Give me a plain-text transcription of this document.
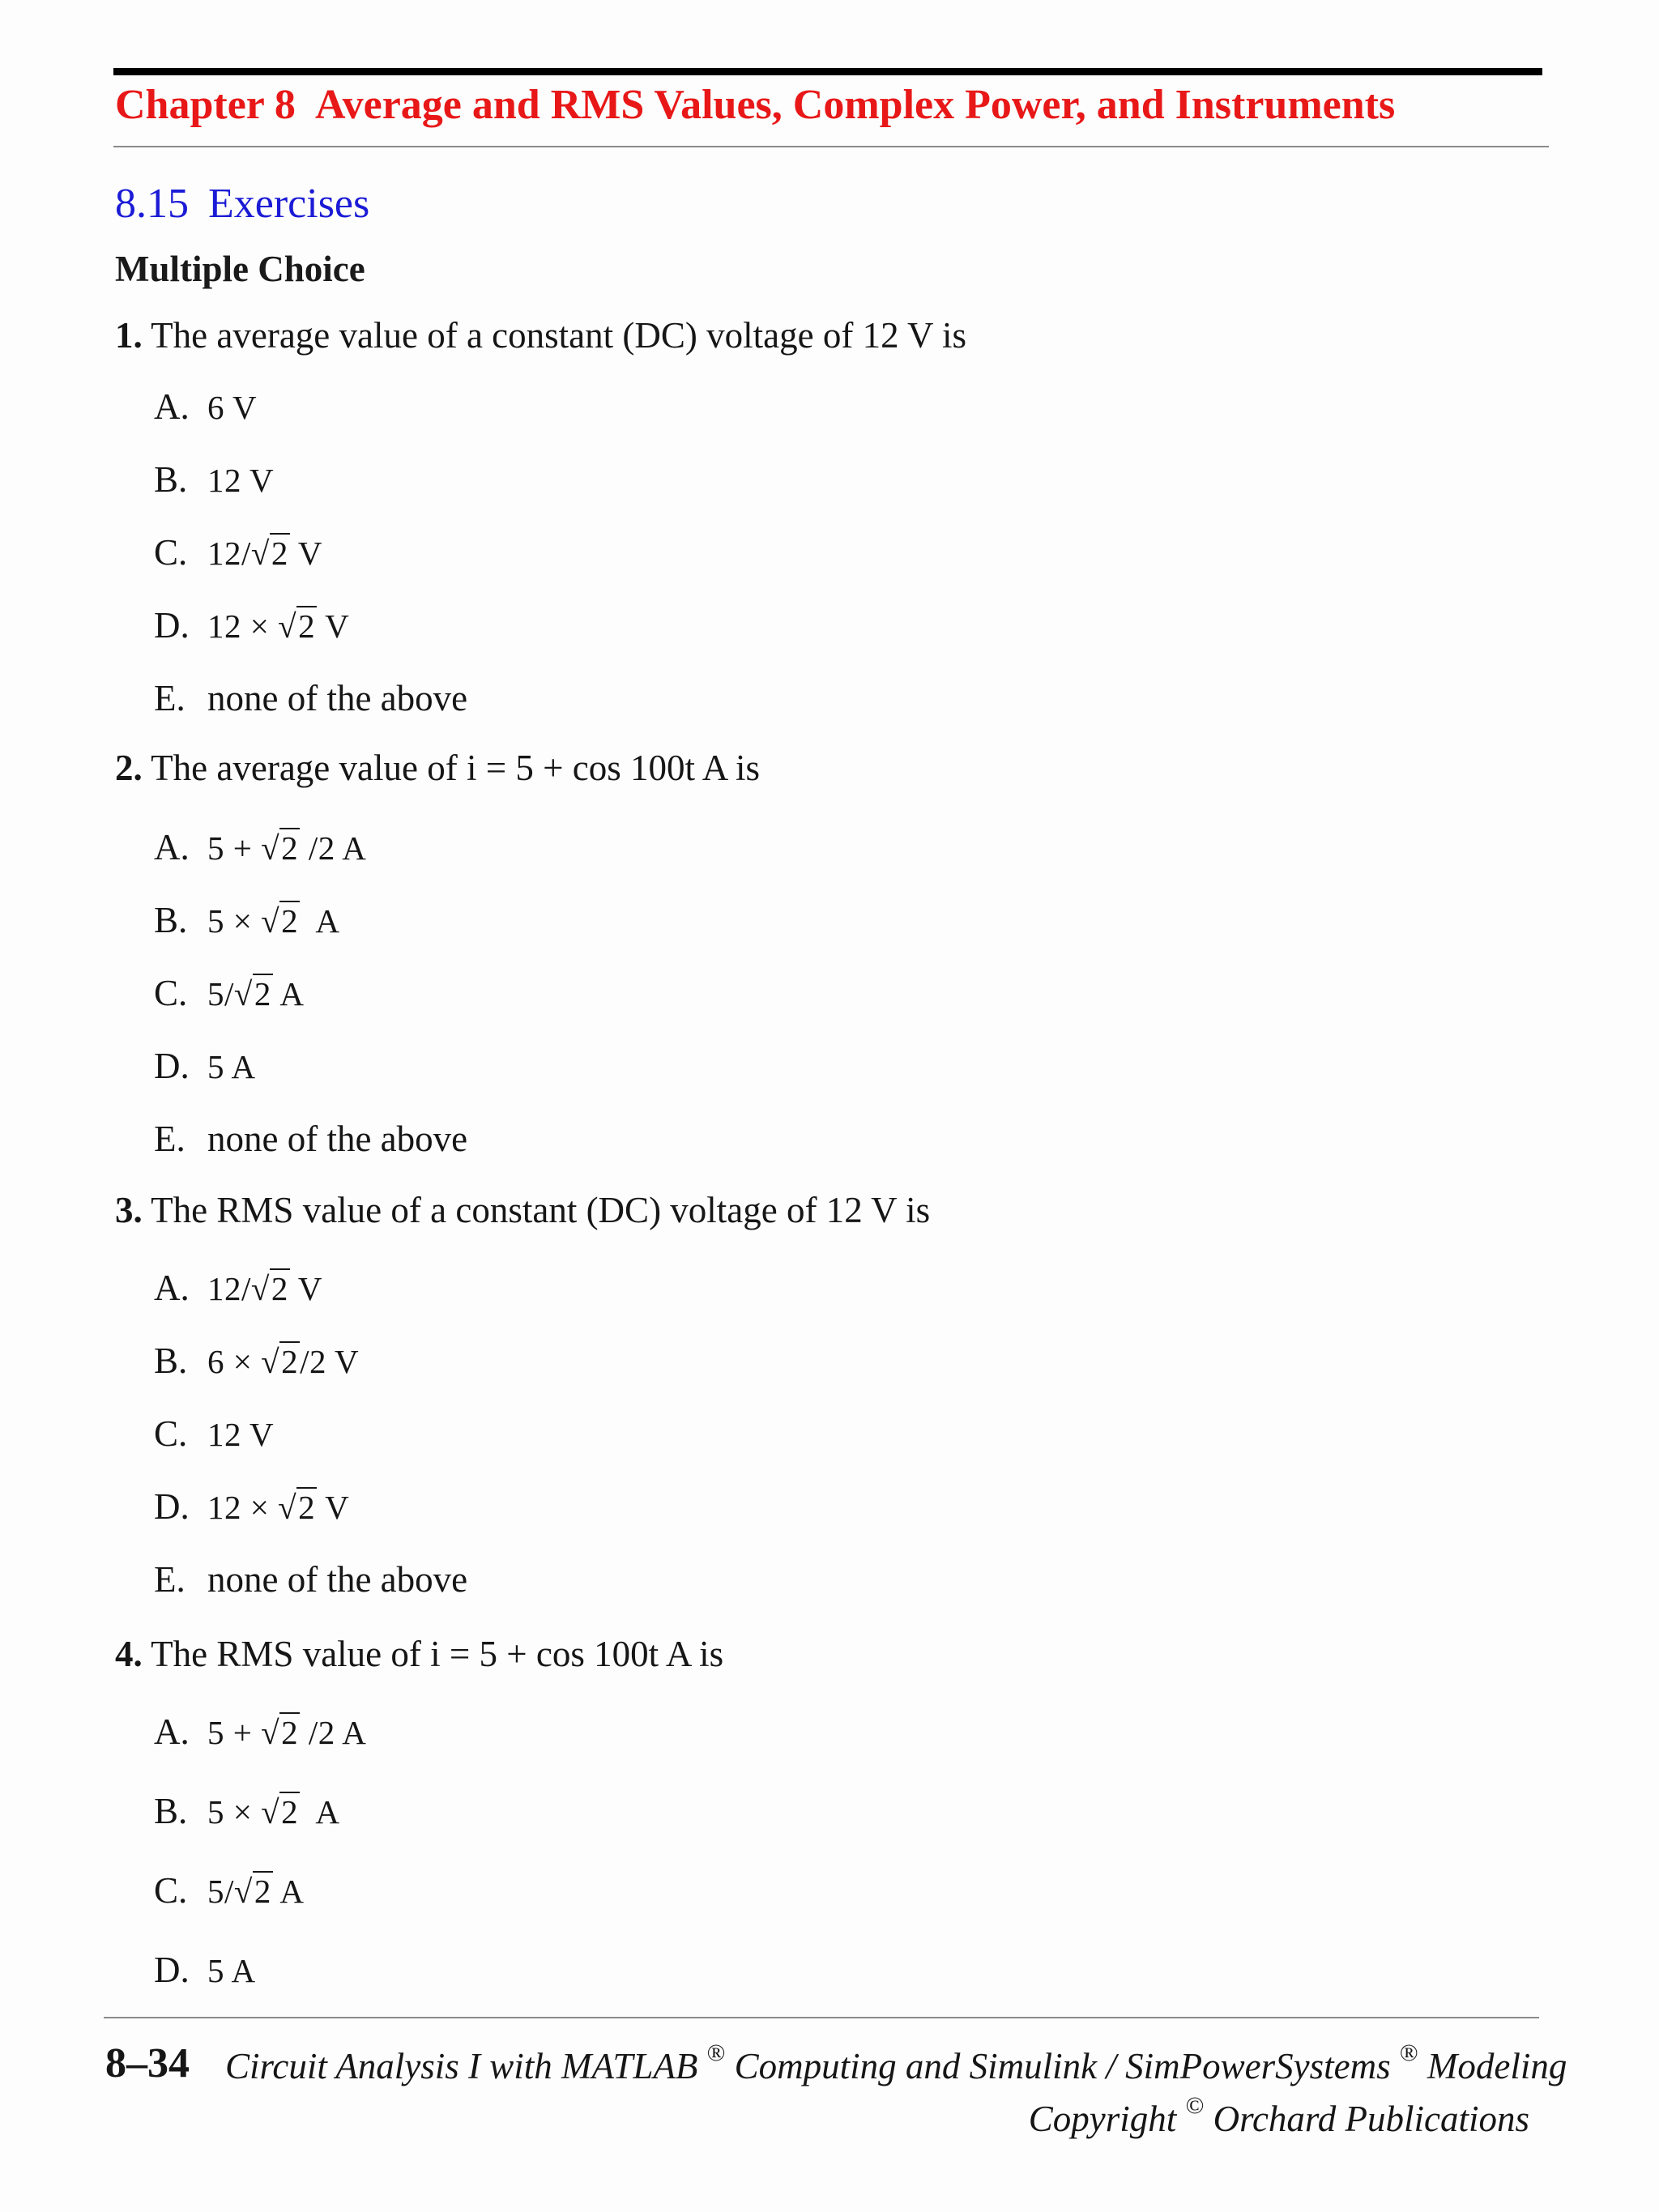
Chapter 8 Average and RMS Values, Complex Power, and Instruments
8.15 Exercises
Multiple Choice
1. The average value of a constant (DC) voltage of 12 V is
A. 6 V
B. 12 V
C. 12/√2 V
D. 12 × √2 V
E. none of the above
2. The average value of i = 5 + cos 100t A is
A. 5 + √2 /2 A
B. 5 × √2  A
C. 5/√2 A
D. 5 A
E. none of the above
3. The RMS value of a constant (DC) voltage of 12 V is
A. 12/√2 V
B. 6 × √2/2 V
C. 12 V
D. 12 × √2 V
E. none of the above
4. The RMS value of i = 5 + cos 100t A is
A. 5 + √2 /2 A
B. 5 × √2  A
C. 5/√2 A
D. 5 A
8–34 Circuit Analysis I with MATLAB ® Computing and Simulink / SimPowerSystems ® Modeling
Copyright © Orchard Publications
